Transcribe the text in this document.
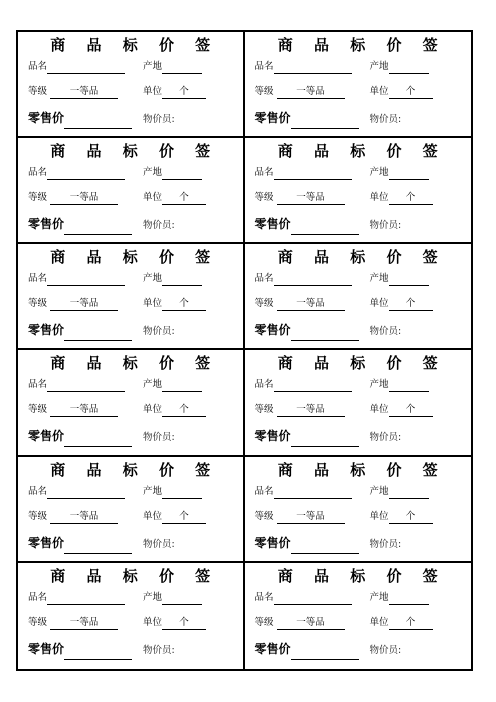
商 品 标 价 签
品名	产地
等级 一等品	单位 个
零售价	物价员:
商 品 标 价 签
品名	产地
等级 一等品	单位 个
零售价	物价员:
商 品 标 价 签
品名	产地
等级 一等品	单位 个
零售价	物价员:
商 品 标 价 签
品名	产地
等级 一等品	单位 个
零售价	物价员:
商 品 标 价 签
品名	产地
等级 一等品	单位 个
零售价	物价员:
商 品 标 价 签
品名	产地
等级 一等品	单位 个
零售价	物价员:
商 品 标 价 签
品名	产地
等级 一等品	单位 个
零售价	物价员:
商 品 标 价 签
品名	产地
等级 一等品	单位 个
零售价	物价员:
商 品 标 价 签
品名	产地
等级 一等品	单位 个
零售价	物价员:
商 品 标 价 签
品名	产地
等级 一等品	单位 个
零售价	物价员:
商 品 标 价 签
品名	产地
等级 一等品	单位 个
零售价	物价员:
商 品 标 价 签
品名	产地
等级 一等品	单位 个
零售价	物价员:
